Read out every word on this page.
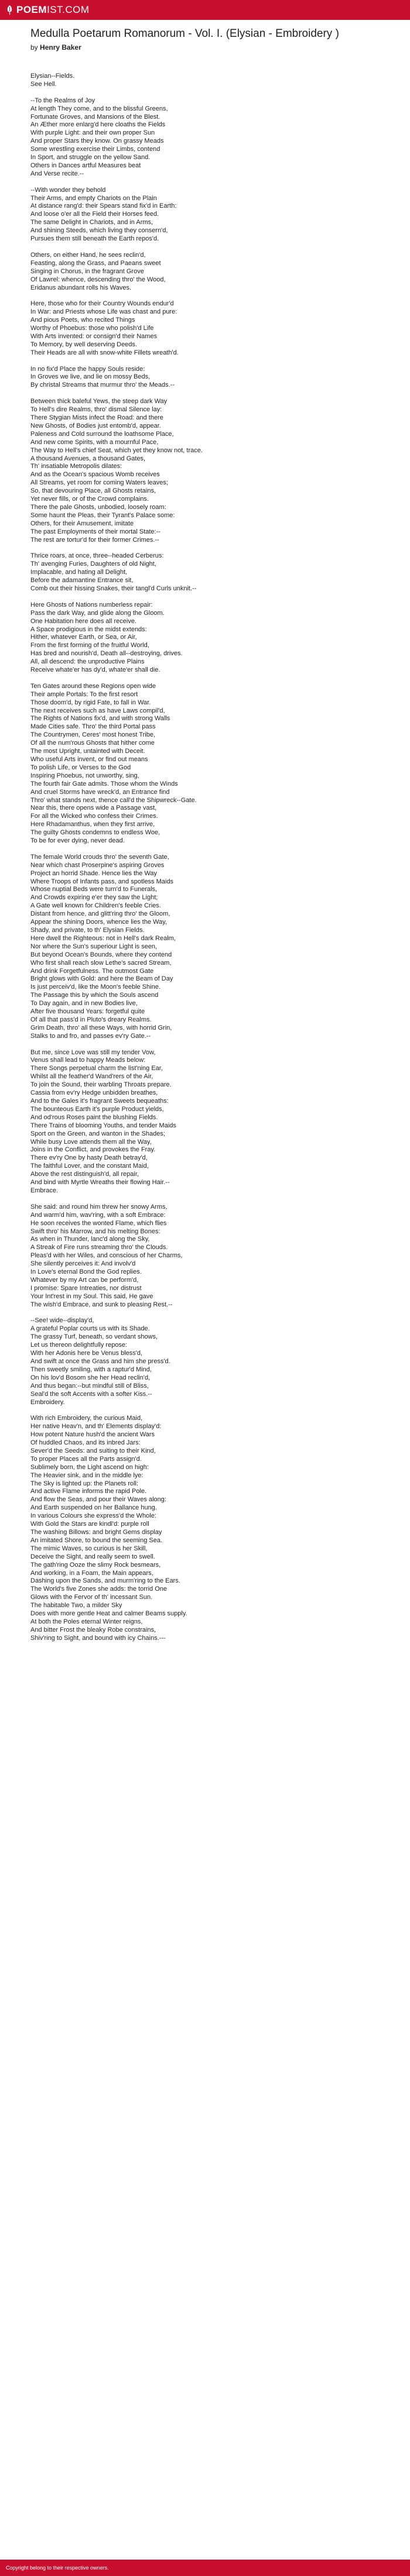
POEM IST.COM
Medulla Poetarum Romanorum - Vol. I. (Elysian - Embroidery )
by Henry Baker
Elysian--Fields.
See Hell.
--To the Realms of Joy
At length They come, and to the blissful Greens,
Fortunate Groves, and Mansions of the Blest.
An Æther more enlarg'd here cloaths the Fields
With purple Light: and their own proper Sun
And proper Stars they know. On grassy Meads
Some wrestling exercise their Limbs, contend
In Sport, and struggle on the yellow Sand.
Others in Dances artful Measures beat
And Verse recite.--
--With wonder they behold
Their Arms, and empty Chariots on the Plain
At distance rang'd: their Spears stand fix'd in Earth:
And loose o'er all the Field their Horses feed.
The same Delight in Chariots, and in Arms,
And shining Steeds, which living they consern'd,
Pursues them still beneath the Earth repos'd.
Others, on either Hand, he sees reclin'd,
Feasting, along the Grass, and Paeans sweet
Singing in Chorus, in the fragrant Grove
Of Lawrel: whence, descending thro' the Wood,
Eridanus abundant rolls his Waves.
Here, those who for their Country Wounds endur'd
In War: and Priests whose Life was chast and pure:
And pious Poets, who recited Things
Worthy of Phoebus: those who polish'd Life
With Arts invented: or consign'd their Names
To Memory, by well deserving Deeds.
Their Heads are all with snow-white Fillets wreath'd.
In no fix'd Place the happy Souls reside:
In Groves we live, and lie on mossy Beds,
By christal Streams that murmur thro' the Meads.--
Between thick baleful Yews, the steep dark Way
To Hell's dire Realms, thro' dismal Silence lay:
There Stygian Mists infect the Road: and there
New Ghosts, of Bodies just entomb'd, appear.
Paleness and Cold surround the loathsome Place,
And new come Spirits, with a mournful Pace,
The Way to Hell's chief Seat, which yet they know not, trace.
A thousand Avenues, a thousand Gates,
Th' insatiable Metropolis dilates:
And as the Ocean's spacious Womb receives
All Streams, yet room for coming Waters leaves;
So, that devouring Place, all Ghosts retains,
Yet never fills, or of the Crowd complains.
There the pale Ghosts, unbodied, loosely roam:
Some haunt the Pleas, their Tyrant's Palace some:
Others, for their Amusement, imitate
The past Employments of their mortal State:--
The rest are tortur'd for their former Crimes.--
Thrice roars, at once, three--headed Cerberus:
Th' avenging Furies, Daughters of old Night,
Implacable, and hating all Delight,
Before the adamantine Entrance sit,
Comb out their hissing Snakes, their tangl'd Curls unknit.--
Here Ghosts of Nations numberless repair:
Pass the dark Way, and glide along the Gloom.
One Habitation here does all receive.
A Space prodigious in the midst extends:
Hither, whatever Earth, or Sea, or Air,
From the first forming of the fruitful World,
Has bred and nourish'd, Death all--destroying, drives.
All, all descend: the unproductive Plains
Receive whate'er has dy'd, whate'er shall die.
Ten Gates around these Regions open wide
Their ample Portals: To the first resort
Those doom'd, by rigid Fate, to fall in War.
The next receives such as have Laws compil'd,
The Rights of Nations fix'd, and with strong Walls
Made Cities safe. Thro' the third Portal pass
The Countrymen, Ceres' most honest Tribe,
Of all the num'rous Ghosts that hither come
The most Upright, untainted with Deceit.
Who useful Arts invent, or find out means
To polish Life, or Verses to the God
Inspiring Phoebus, not unworthy, sing,
The fourth fair Gate admits. Those whom the Winds
And cruel Storms have wreck'd, an Entrance find
Thro' what stands next, thence call'd the Shipwreck--Gate.
Near this, there opens wide a Passage vast,
For all the Wicked who confess their Crimes.
Here Rhadamanthus, when they first arrive,
The guilty Ghosts condemns to endless Woe,
To be for ever dying, never dead.
The female World crouds thro' the seventh Gate,
Near which chast Proserpine's aspiring Groves
Project an horrid Shade. Hence lies the Way
Where Troops of Infants pass, and spotless Maids
Whose nuptial Beds were turn'd to Funerals,
And Crowds expiring e'er they saw the Light;
A Gate well known for Children's feeble Cries.
Distant from hence, and glitt'ring thro' the Gloom,
Appear the shining Doors, whence lies the Way,
Shady, and private, to th' Elysian Fields.
Here dwell the Righteous: not in Hell's dark Realm,
Nor where the Sun's superiour Light is seen,
But beyond Ocean's Bounds, where they contend
Who first shall reach slow Lethe's sacred Stream,
And drink Forgetfulness. The outmost Gate
Bright glows with Gold: and here the Beam of Day
Is just perceiv'd, like the Moon's feeble Shine.
The Passage this by which the Souls ascend
To Day again, and in new Bodies live,
After five thousand Years: forgetful quite
Of all that pass'd in Pluto's dreary Realms.
Grim Death, thro' all these Ways, with horrid Grin,
Stalks to and fro, and passes ev'ry Gate.--
But me, since Love was still my tender Vow,
Venus shall lead to happy Meads below:
There Songs perpetual charm the list'ning Ear,
Whilst all the feather'd Wand'rers of the Air,
To join the Sound, their warbling Throats prepare.
Cassia from ev'ry Hedge unbidden breathes,
And to the Gales it's fragrant Sweets bequeaths:
The bounteous Earth it's purple Product yields,
And od'rous Roses paint the blushing Fields.
There Trains of blooming Youths, and tender Maids
Sport on the Green, and wanton in the Shades;
While busy Love attends them all the Way,
Joins in the Conflict, and provokes the Fray.
There ev'ry One by hasty Death betray'd,
The faithful Lover, and the constant Maid,
Above the rest distinguish'd, all repair,
And bind with Myrtle Wreaths their flowing Hair.--
Embrace.
She said: and round him threw her snowy Arms,
And warm'd him, wav'ring, with a soft Embrace:
He soon receives the wonted Flame, which flies
Swift thro' his Marrow, and his melting Bones:
As when in Thunder, lanc'd along the Sky,
A Streak of Fire runs streaming thro' the Clouds.
Pleas'd with her Wiles, and conscious of her Charms,
She silently perceives it: And involv'd
In Love's eternal Bond the God replies.
Whatever by my Art can be perform'd,
I promise: Spare Intreaties, nor distrust
Your Int'rest in my Soul. This said, He gave
The wish'd Embrace, and sunk to pleasing Rest.--
--See! wide--display'd,
A grateful Poplar courts us with its Shade.
The grassy Turf, beneath, so verdant shows,
Let us thereon delightfully repose:
With her Adonis here be Venus bless'd,
And swift at once the Grass and him she press'd.
Then sweetly smiling, with a raptur'd Mind,
On his lov'd Bosom she her Head reclin'd,
And thus began:--but mindful still of Bliss,
Seal'd the soft Accents with a softer Kiss.--
Embroidery.
With rich Embroidery, the curious Maid,
Her native Heav'n, and th' Elements display'd:
How potent Nature hush'd the ancient Wars
Of huddled Chaos, and its inbred Jars:
Sever'd the Seeds: and suiting to their Kind,
To proper Places all the Parts assign'd.
Sublimely born, the Light ascend on high:
The Heavier sink, and in the middle lye:
The Sky is lighted up: the Planets roll:
And active Flame informs the rapid Pole.
And flow the Seas, and pour their Waves along:
And Earth suspended on her Ballance hung.
In various Colours she express'd the Whole:
With Gold the Stars are kindl'd: purple roll
The washing Billows: and bright Gems display
An imitated Shore, to bound the seeming Sea.
The mimic Waves, so curious is her Skill,
Deceive the Sight, and really seem to swell.
The gath'ring Ooze the slimy Rock besmears,
And working, in a Foam, the Main appears,
Dashing upon the Sands, and murm'ring to the Ears.
The World's five Zones she adds: the torrid One
Glows with the Fervor of th' incessant Sun.
The habitable Two, a milder Sky
Does with more gentle Heat and calmer Beams supply.
At both the Poles eternal Winter reigns,
And bitter Frost the bleaky Robe constrains,
Shiv'ring to Sight, and bound with icy Chains.---
Copyright belong to their respective owners.
